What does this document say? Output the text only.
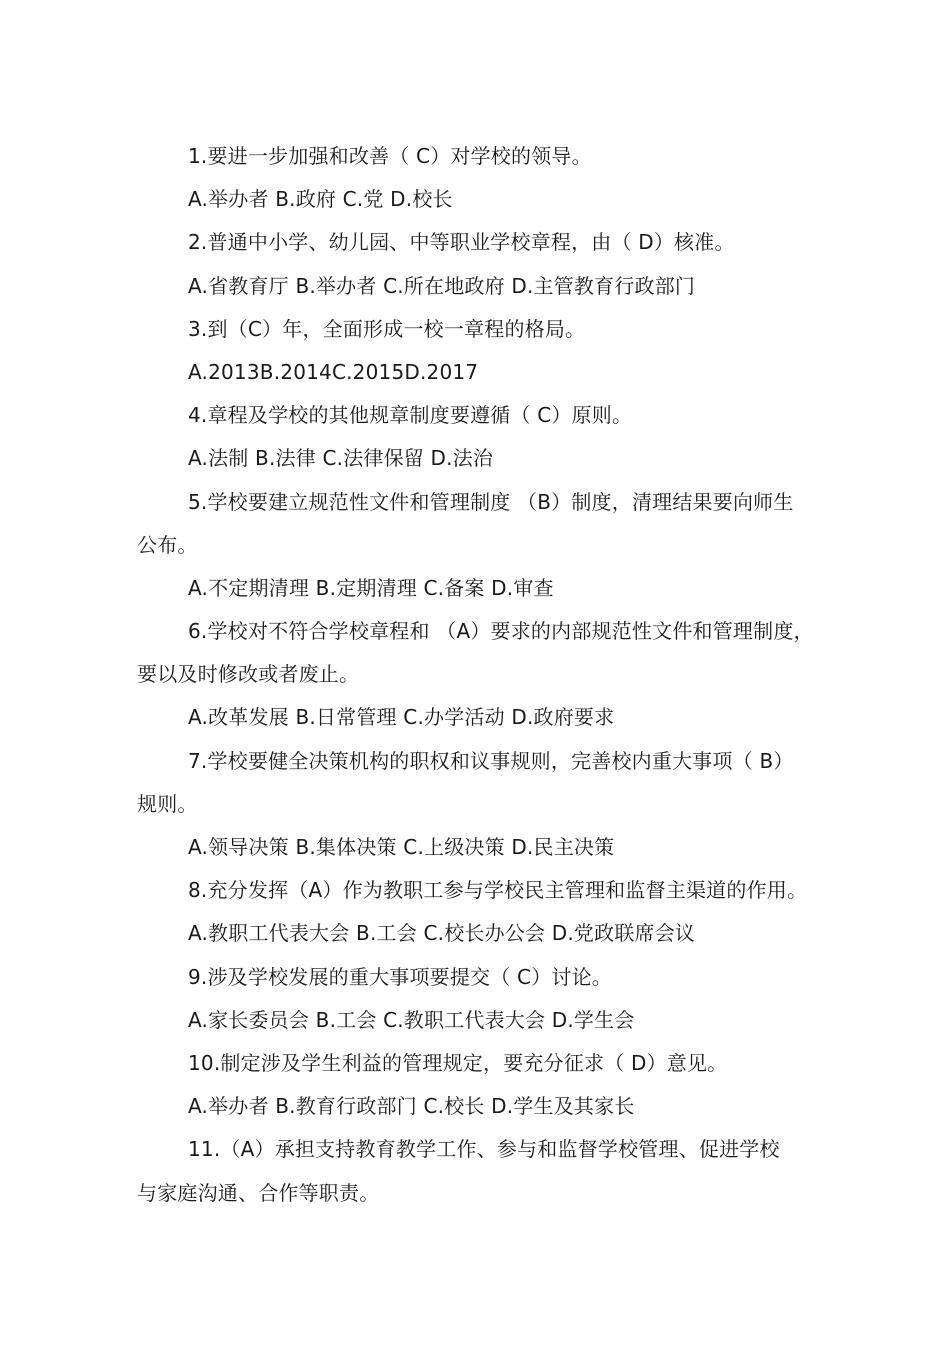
1.要进一步加强和改善（ C）对学校的领导。
A.举办者 B.政府 C.党 D.校长
2.普通中小学、幼儿园、中等职业学校章程，由（ D）核准。
A.省教育厅 B.举办者 C.所在地政府 D.主管教育行政部门
3.到（C）年，全面形成一校一章程的格局。
A.2013B.2014C.2015D.2017
4.章程及学校的其他规章制度要遵循（ C）原则。
A.法制 B.法律 C.法律保留 D.法治
5.学校要建立规范性文件和管理制度 （B）制度，清理结果要向师生
公布。
A.不定期清理 B.定期清理 C.备案 D.审查
6.学校对不符合学校章程和 （A）要求的内部规范性文件和管理制度，
要以及时修改或者废止。
A.改革发展 B.日常管理 C.办学活动 D.政府要求
7.学校要健全决策机构的职权和议事规则，完善校内重大事项（ B）
规则。
A.领导决策 B.集体决策 C.上级决策 D.民主决策
8.充分发挥（A）作为教职工参与学校民主管理和监督主渠道的作用。
A.教职工代表大会 B.工会 C.校长办公会 D.党政联席会议
9.涉及学校发展的重大事项要提交（ C）讨论。
A.家长委员会 B.工会 C.教职工代表大会 D.学生会
10.制定涉及学生利益的管理规定，要充分征求（ D）意见。
A.举办者 B.教育行政部门 C.校长 D.学生及其家长
11.（A）承担支持教育教学工作、参与和监督学校管理、促进学校
与家庭沟通、合作等职责。
